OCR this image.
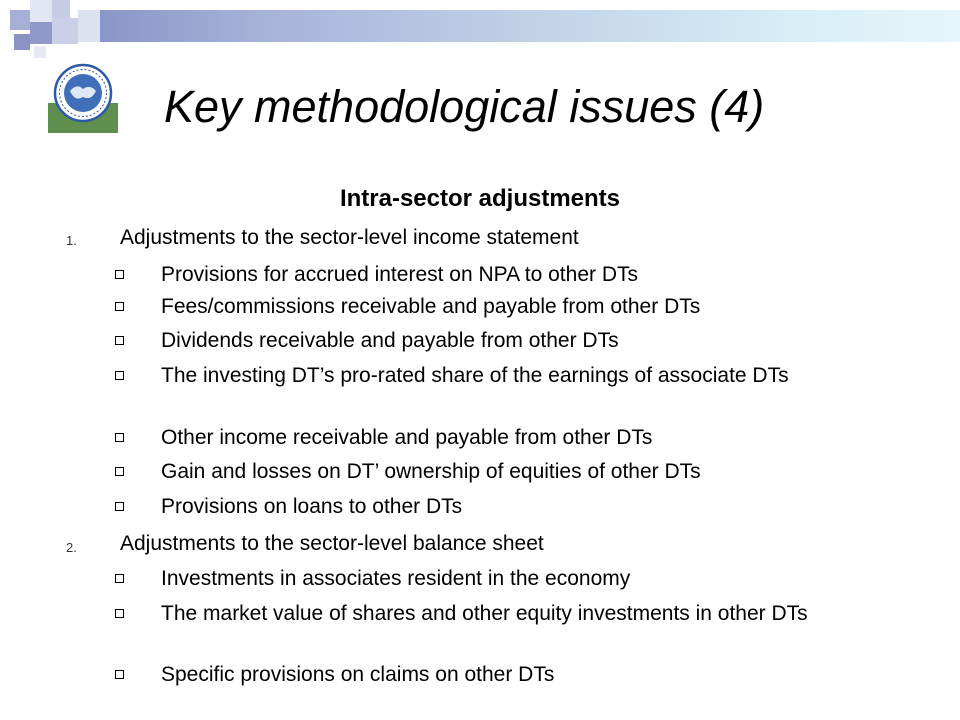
Key methodological issues (4)
Intra-sector adjustments
1. Adjustments to the sector-level income statement
Provisions for accrued interest on NPA to other DTs
Fees/commissions receivable and payable from other DTs
Dividends receivable and payable from other DTs
The investing DT’s pro-rated share of the earnings of associate DTs
Other income receivable and payable from other DTs
Gain and losses on DT’ ownership of equities of other DTs
Provisions on loans to other DTs
2. Adjustments to the sector-level balance sheet
Investments in associates resident in the economy
The market value of shares and other equity investments in other DTs
Specific provisions on claims on other DTs
